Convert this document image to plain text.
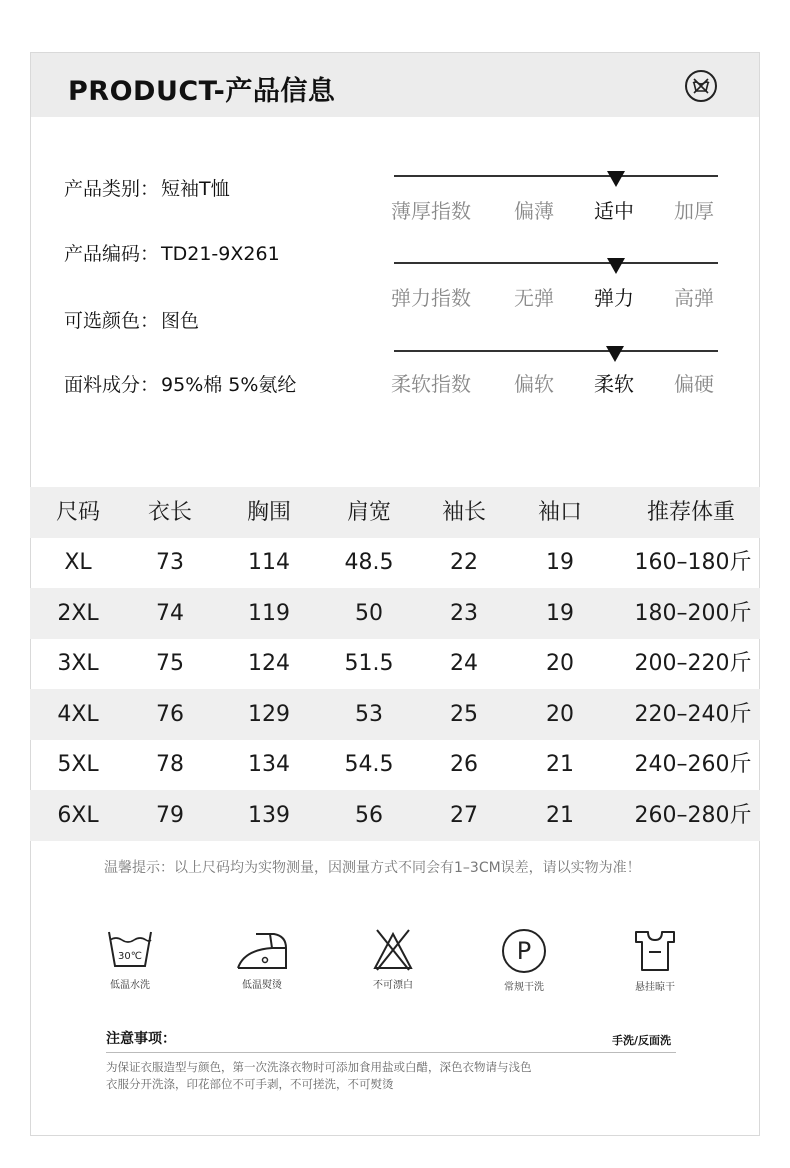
PRODUCT-产品信息
产品类别： 短袖T恤
产品编码： TD21-9X261
可选颜色： 图色
面料成分： 95%棉 5%氨纶
薄厚指数 偏薄 适中 加厚
弹力指数 无弹 弹力 高弹
柔软指数 偏软 柔软 偏硬
尺码	衣长	胸围	肩宽	袖长	袖口	推荐体重
XL	73	114	48.5	22	19	160–180斤
2XL	74	119	50	23	19	180–200斤
3XL	75	124	51.5	24	20	200–220斤
4XL	76	129	53	25	20	220–240斤
5XL	78	134	54.5	26	21	240–260斤
6XL	79	139	56	27	21	260–280斤
温馨提示：以上尺码均为实物测量，因测量方式不同会有1–3CM误差，请以实物为准！
30℃
低温水洗	低温熨烫	不可漂白
P
常规干洗	悬挂晾干
注意事项：	手洗/反面洗
为保证衣服造型与颜色，第一次洗涤衣物时可添加食用盐或白醋，深色衣物请与浅色
衣服分开洗涤，印花部位不可手剥，不可搓洗，不可熨烫
